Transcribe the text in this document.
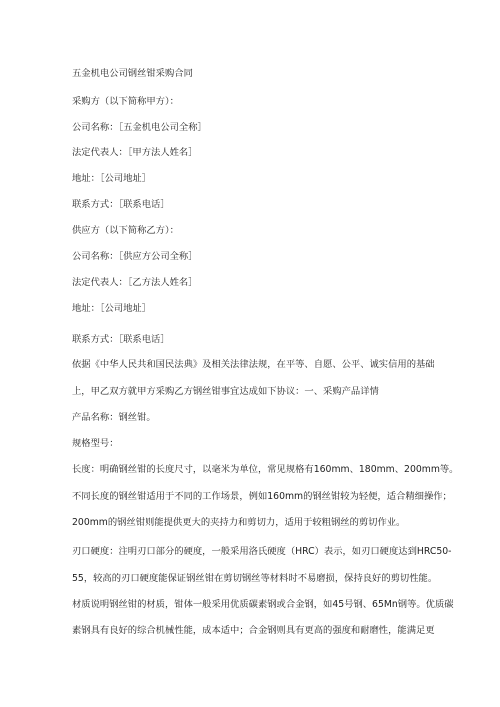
五金机电公司钢丝钳采购合同
采购方（以下简称甲方）：
公司名称：［五金机电公司全称］
法定代表人：［甲方法人姓名］
地址：［公司地址］
联系方式：［联系电话］
供应方（以下简称乙方）：
公司名称：［供应方公司全称］
法定代表人：［乙方法人姓名］
地址：［公司地址］
联系方式：［联系电话］
依据《中华人民共和国民法典》及相关法律法规，在平等、自愿、公平、诚实信用的基础
上，甲乙双方就甲方采购乙方钢丝钳事宜达成如下协议：一、采购产品详情
产品名称：钢丝钳。
规格型号：
长度：明确钢丝钳的长度尺寸，以毫米为单位，常见规格有160mm、180mm、200mm等。
不同长度的钢丝钳适用于不同的工作场景，例如160mm的钢丝钳较为轻便，适合精细操作；
200mm的钢丝钳则能提供更大的夹持力和剪切力，适用于较粗钢丝的剪切作业。
刃口硬度：注明刃口部分的硬度，一般采用洛氏硬度（HRC）表示，如刃口硬度达到HRC50-
55，较高的刃口硬度能保证钢丝钳在剪切钢丝等材料时不易磨损，保持良好的剪切性能。
材质说明钢丝钳的材质，钳体一般采用优质碳素钢或合金钢，如45号钢、65Mn钢等。优质碳
素钢具有良好的综合机械性能，成本适中；合金钢则具有更高的强度和耐磨性，能满足更
